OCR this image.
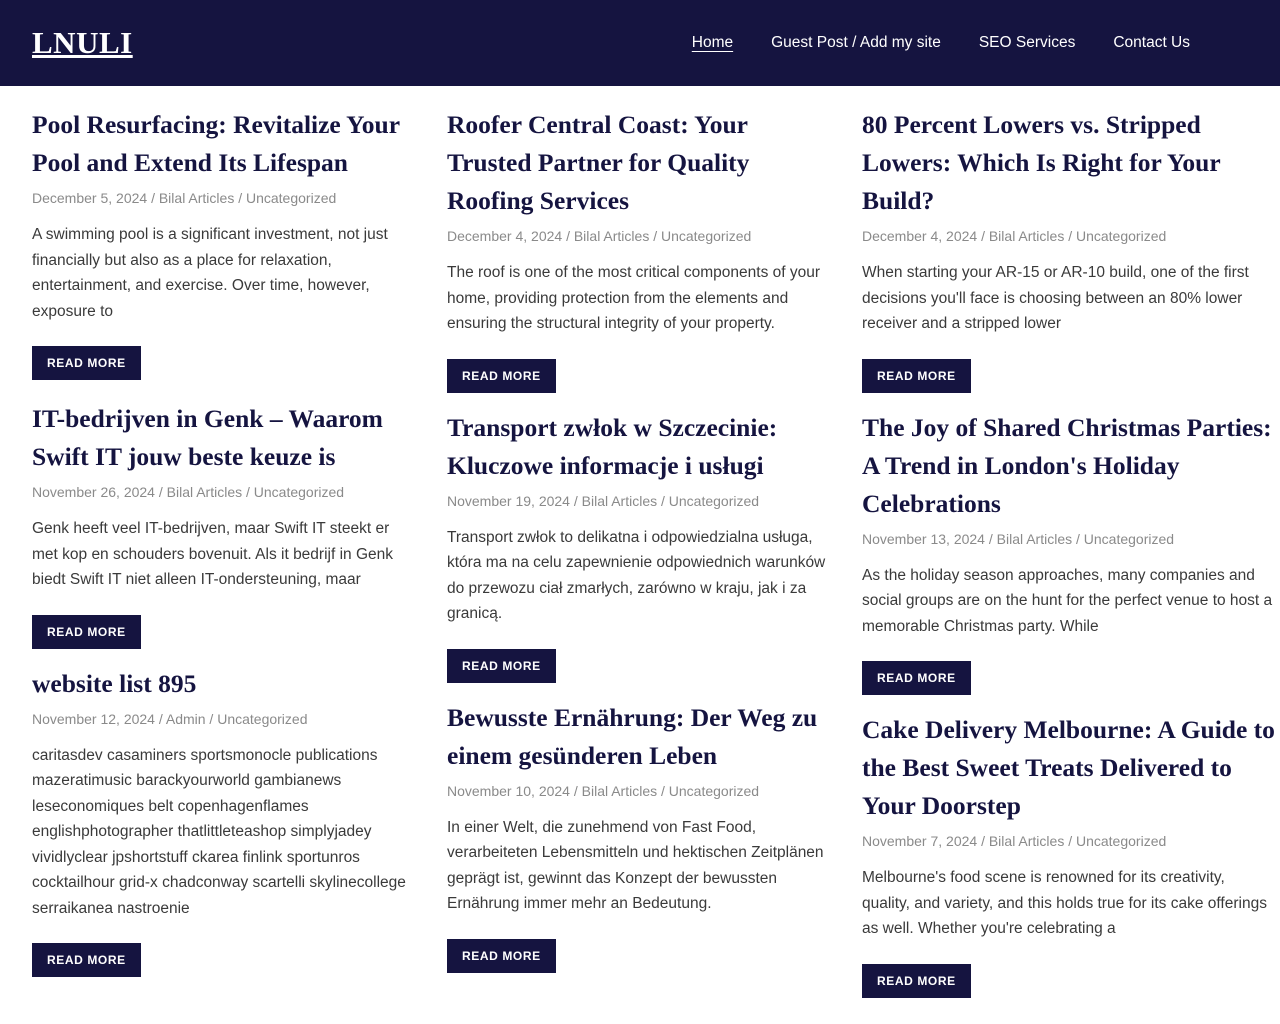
LNULI	Home Guest Post / Add my site SEO Services Contact Us
Pool Resurfacing: Revitalize Your Pool and Extend Its Lifespan
December 5, 2024 / Bilal Articles / Uncategorized

A swimming pool is a significant investment, not just financially but also as a place for relaxation, entertainment, and exercise. Over time, however, exposure to

READ MORE
IT-bedrijven in Genk – Waarom Swift IT jouw beste keuze is
November 26, 2024 / Bilal Articles / Uncategorized

Genk heeft veel IT-bedrijven, maar Swift IT steekt er met kop en schouders bovenuit. Als it bedrijf in Genk biedt Swift IT niet alleen IT-ondersteuning, maar

READ MORE
website list 895
November 12, 2024 / Admin / Uncategorized

caritasdev casaminers sportsmonocle publications mazeratimusic barackyourworld gambianews leseconomiques belt copenhagenflames englishphotographer thatlittleteashop simplyjadey vividlyclear jpshortstuff ckarea finlink sportunros cocktailhour grid-x chadconway scartelli skylinecollege serraikanea nastroenie

READ MORE
Roofer Central Coast: Your Trusted Partner for Quality Roofing Services
December 4, 2024 / Bilal Articles / Uncategorized

The roof is one of the most critical components of your home, providing protection from the elements and ensuring the structural integrity of your property.

READ MORE
Transport zwłok w Szczecinie: Kluczowe informacje i usługi
November 19, 2024 / Bilal Articles / Uncategorized

Transport zwłok to delikatna i odpowiedzialna usługa, która ma na celu zapewnienie odpowiednich warunków do przewozu ciał zmarłych, zarówno w kraju, jak i za granicą.

READ MORE
Bewusste Ernährung: Der Weg zu einem gesünderen Leben
November 10, 2024 / Bilal Articles / Uncategorized

In einer Welt, die zunehmend von Fast Food, verarbeiteten Lebensmitteln und hektischen Zeitplänen geprägt ist, gewinnt das Konzept der bewussten Ernährung immer mehr an Bedeutung.

READ MORE
80 Percent Lowers vs. Stripped Lowers: Which Is Right for Your Build?
December 4, 2024 / Bilal Articles / Uncategorized

When starting your AR-15 or AR-10 build, one of the first decisions you'll face is choosing between an 80% lower receiver and a stripped lower

READ MORE
The Joy of Shared Christmas Parties: A Trend in London's Holiday Celebrations
November 13, 2024 / Bilal Articles / Uncategorized

As the holiday season approaches, many companies and social groups are on the hunt for the perfect venue to host a memorable Christmas party. While

READ MORE
Cake Delivery Melbourne: A Guide to the Best Sweet Treats Delivered to Your Doorstep
November 7, 2024 / Bilal Articles / Uncategorized

Melbourne's food scene is renowned for its creativity, quality, and variety, and this holds true for its cake offerings as well. Whether you're celebrating a

READ MORE
